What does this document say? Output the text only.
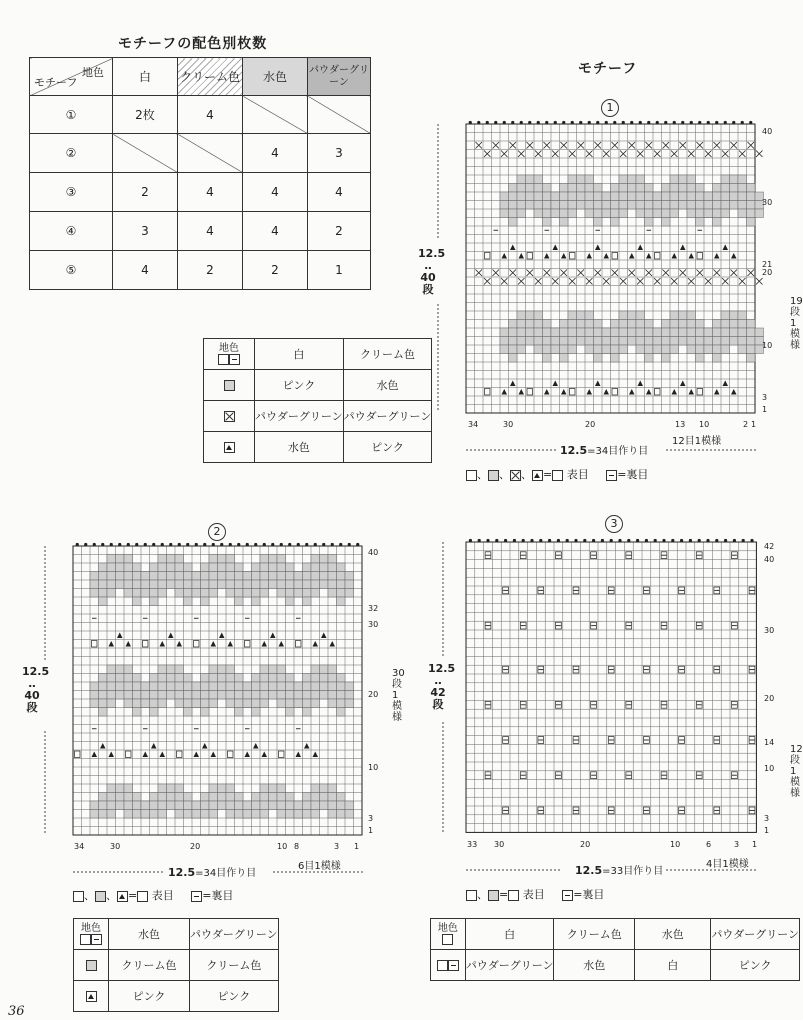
モチーフの配色別枚数
地色
モチーフ	白	クリーム色	水色	パウダーグリーン
①	2枚	4		
②			4	3
③	2	4	4	4
④	3	4	4	2
⑤	4	2	2	1
地色	白	クリーム色
	ピンク	水色
	パウダーグリーン	パウダーグリーン
	水色	ピンク
モチーフ
1
12.5
‥
40
段
40
30
21
20
10
3
1
34	30	20	13 10	2 1
12.5=34目作り目
12目1模様
19段1模様
、 、 、 = 表目	=裏目
2
12.5
‥
40
段
40
32
30
20
10
3
1
34	30	20	10 8	3 1
12.5=34目作り目
6目1模様
30段1模様
、 、 = 表目	=裏目
地色	水色	パウダーグリーン
	クリーム色	クリーム色
	ピンク	ピンク
3
12.5
‥
42
段
42
40
30
20
14
10
3
1
33 30	20	10	6	3 1
12.5=33目作り目
4目1模様
12段1模様
、 = 表目	=裏目
地色	白	クリーム色	水色	パウダーグリーン
	パウダーグリーン	水色	白	ピンク
36
